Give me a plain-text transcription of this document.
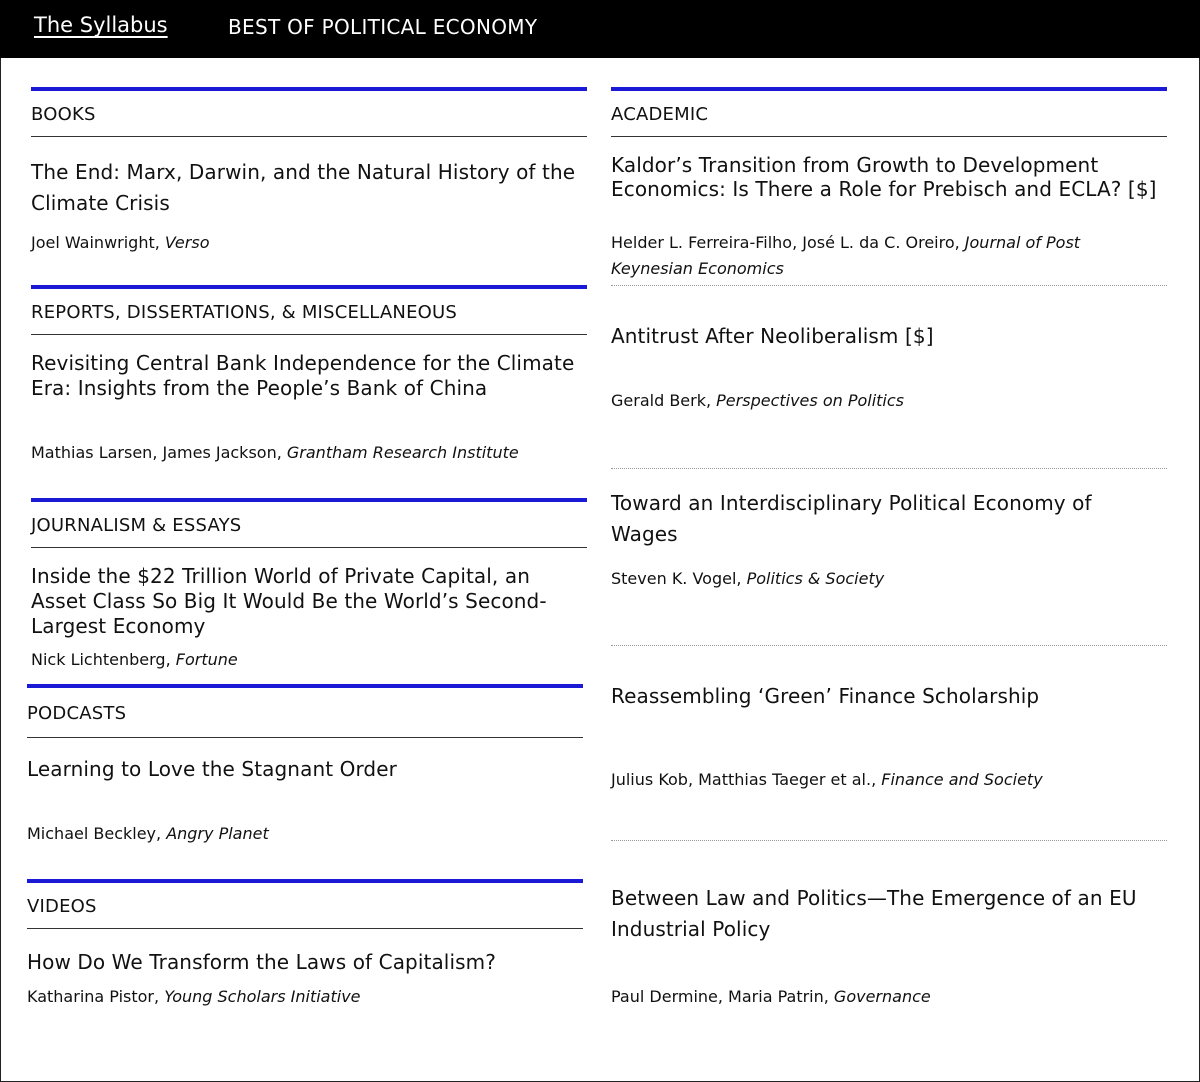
The Syllabus	BEST OF POLITICAL ECONOMY
BOOKS
The End: Marx, Darwin, and the Natural History of the Climate Crisis
Joel Wainwright, Verso
REPORTS, DISSERTATIONS, & MISCELLANEOUS
Revisiting Central Bank Independence for the Climate Era: Insights from the People’s Bank of China
Mathias Larsen, James Jackson, Grantham Research Institute
JOURNALISM & ESSAYS
Inside the $22 Trillion World of Private Capital, an Asset Class So Big It Would Be the World’s Second-Largest Economy
Nick Lichtenberg, Fortune
PODCASTS
Learning to Love the Stagnant Order
Michael Beckley, Angry Planet
VIDEOS
How Do We Transform the Laws of Capitalism?
Katharina Pistor, Young Scholars Initiative
ACADEMIC
Kaldor’s Transition from Growth to Development Economics: Is There a Role for Prebisch and ECLA? [$]
Helder L. Ferreira-Filho, José L. da C. Oreiro, Journal of Post Keynesian Economics
Antitrust After Neoliberalism [$]
Gerald Berk, Perspectives on Politics
Toward an Interdisciplinary Political Economy of Wages
Steven K. Vogel, Politics & Society
Reassembling ‘Green’ Finance Scholarship
Julius Kob, Matthias Taeger et al., Finance and Society
Between Law and Politics—The Emergence of an EU Industrial Policy
Paul Dermine, Maria Patrin, Governance
